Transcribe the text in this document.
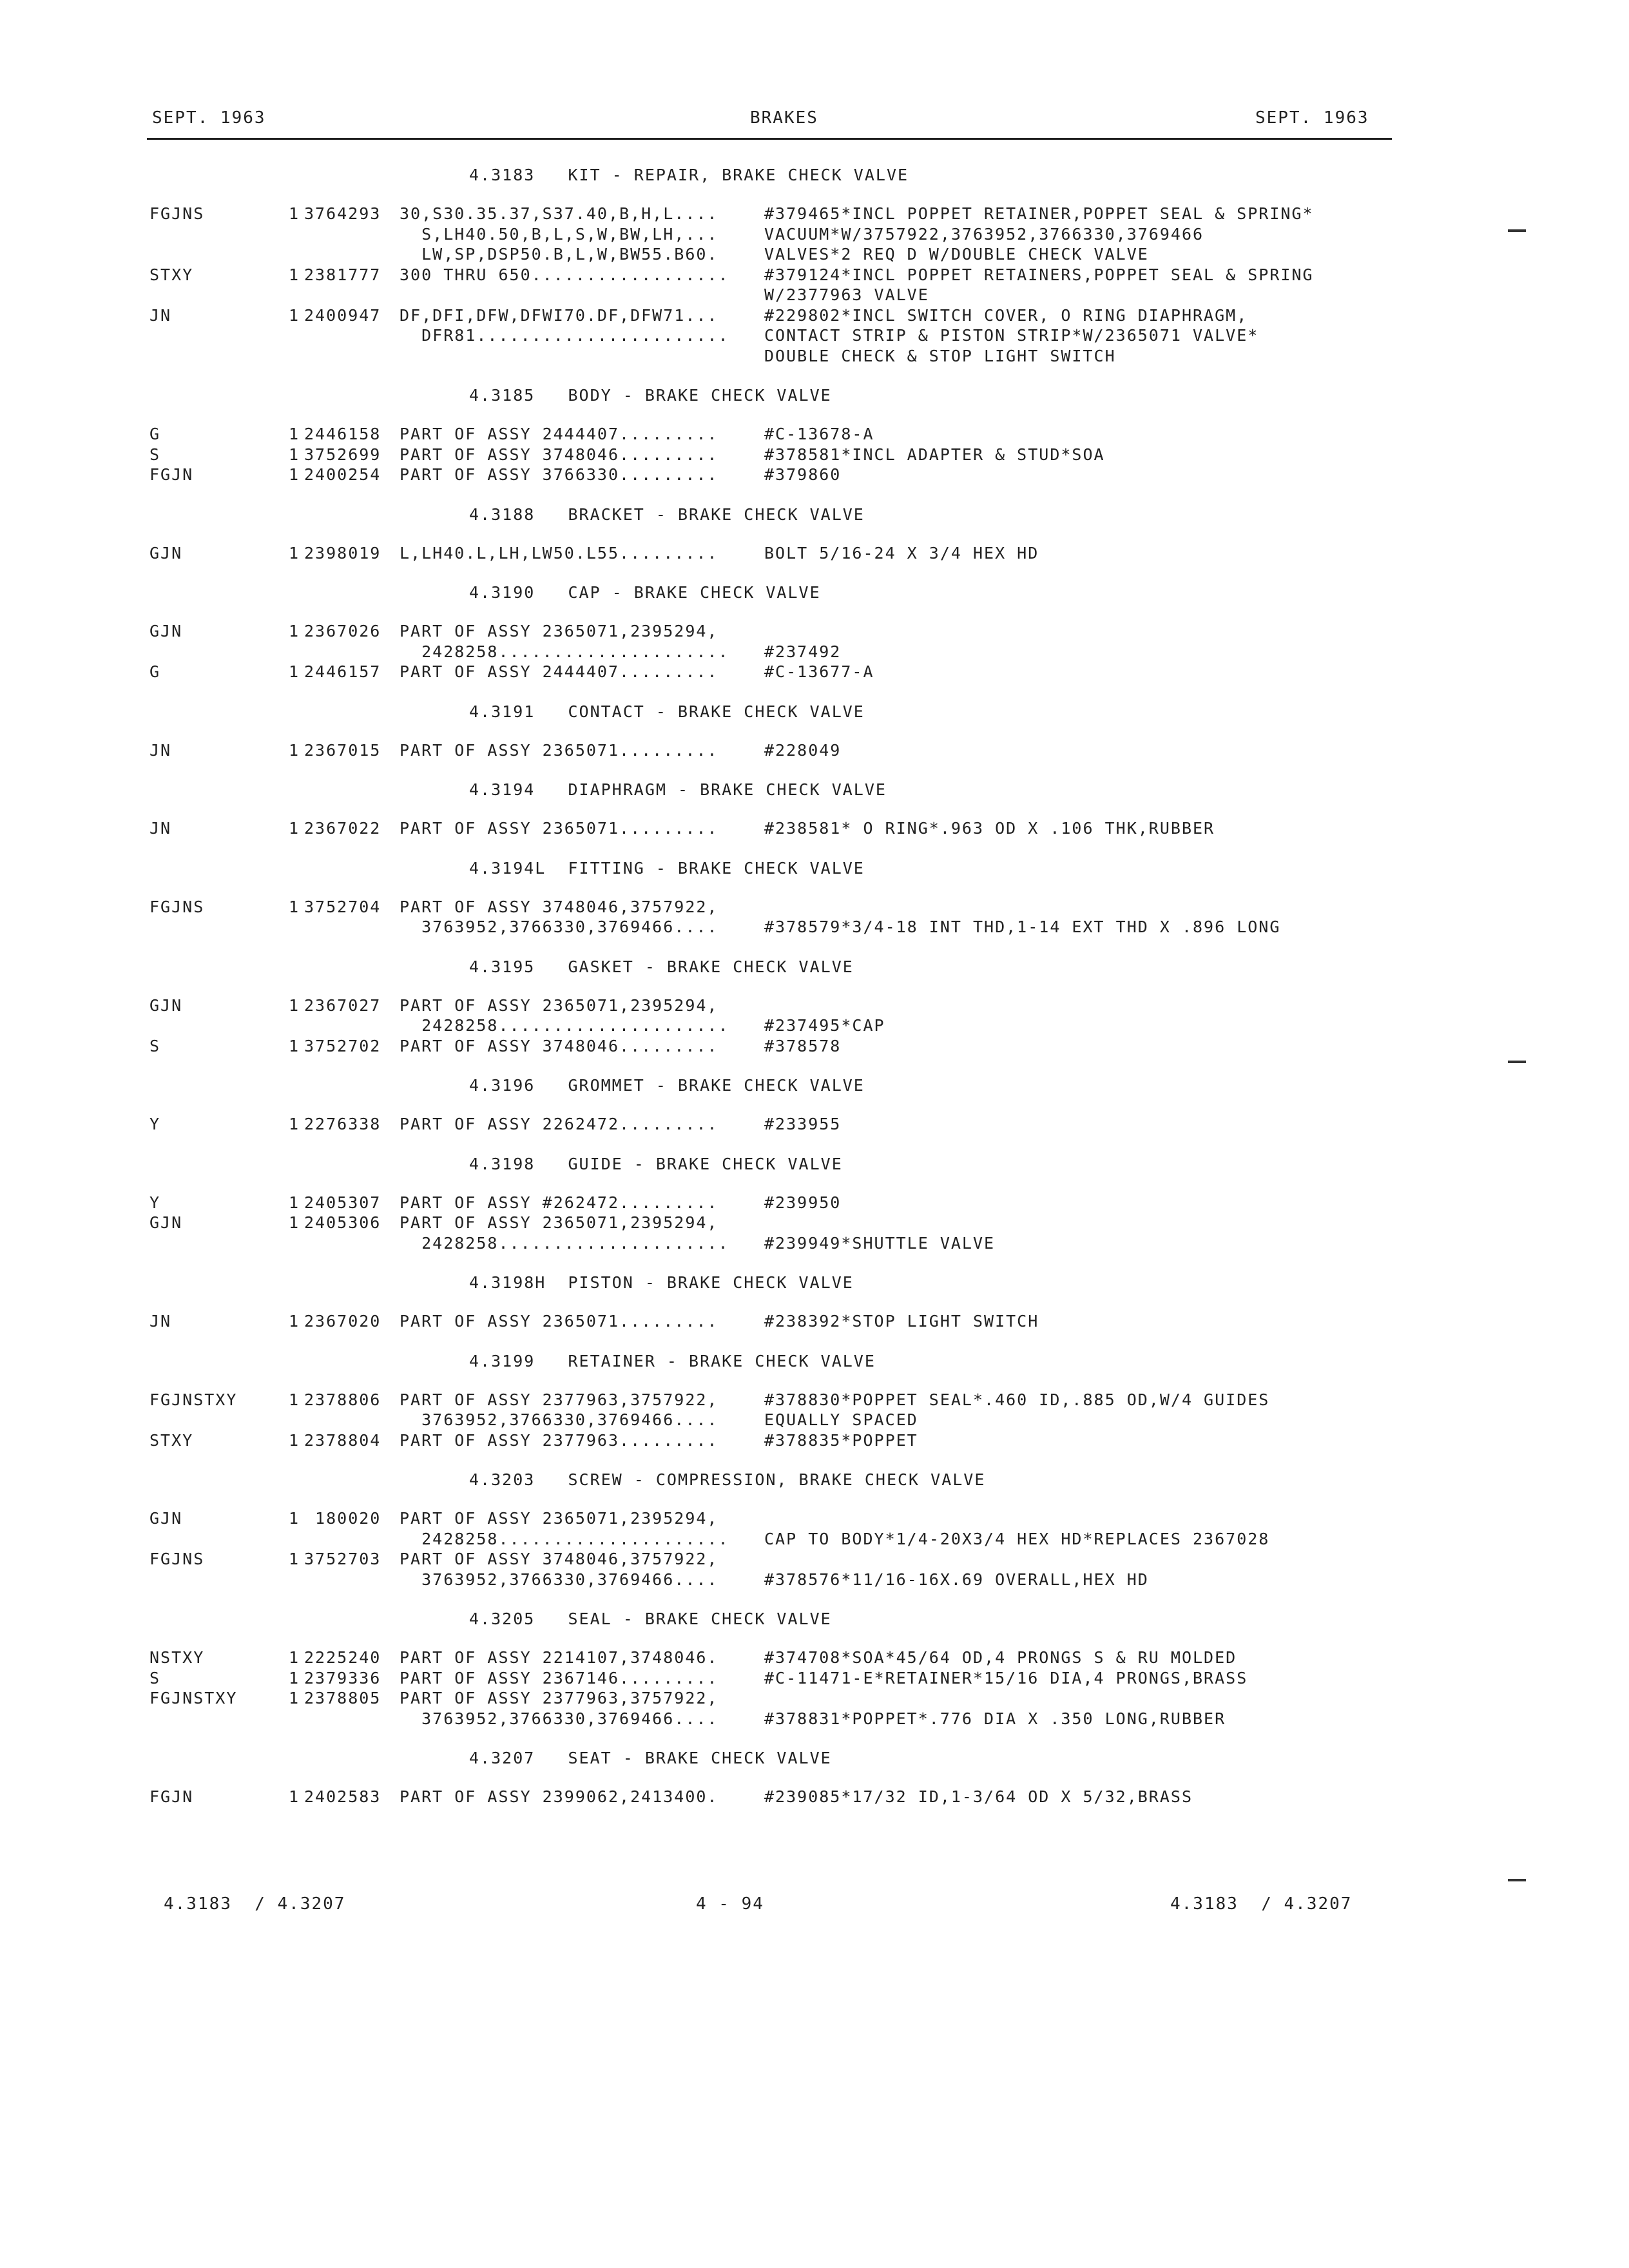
SEPT. 1963	BRAKES	SEPT. 1963
4.3183   KIT - REPAIR, BRAKE CHECK VALVE
FGJNS	1 3764293	30,S30.35.37,S37.40,B,H,L....	#379465*INCL POPPET RETAINER,POPPET SEAL & SPRING*
S,LH40.50,B,L,S,W,BW,LH,...	VACUUM*W/3757922,3763952,3766330,3769466
LW,SP,DSP50.B,L,W,BW55.B60.	VALVES*2 REQ D W/DOUBLE CHECK VALVE
STXY	1 2381777	300 THRU 650..................	#379124*INCL POPPET RETAINERS,POPPET SEAL & SPRING
W/2377963 VALVE
JN	1 2400947	DF,DFI,DFW,DFWI70.DF,DFW71...	#229802*INCL SWITCH COVER, O RING DIAPHRAGM,
DFR81.......................	CONTACT STRIP & PISTON STRIP*W/2365071 VALVE*
DOUBLE CHECK & STOP LIGHT SWITCH
4.3185   BODY - BRAKE CHECK VALVE
G	1 2446158	PART OF ASSY 2444407.........	#C-13678-A
S	1 3752699	PART OF ASSY 3748046.........	#378581*INCL ADAPTER & STUD*SOA
FGJN	1 2400254	PART OF ASSY 3766330.........	#379860
4.3188   BRACKET - BRAKE CHECK VALVE
GJN	1 2398019	L,LH40.L,LH,LW50.L55.........	BOLT 5/16-24 X 3/4 HEX HD
4.3190   CAP - BRAKE CHECK VALVE
GJN	1 2367026	PART OF ASSY 2365071,2395294,
2428258.....................	#237492
G	1 2446157	PART OF ASSY 2444407.........	#C-13677-A
4.3191   CONTACT - BRAKE CHECK VALVE
JN	1 2367015	PART OF ASSY 2365071.........	#228049
4.3194   DIAPHRAGM - BRAKE CHECK VALVE
JN	1 2367022	PART OF ASSY 2365071.........	#238581* O RING*.963 OD X .106 THK,RUBBER
4.3194L  FITTING - BRAKE CHECK VALVE
FGJNS	1 3752704	PART OF ASSY 3748046,3757922,
3763952,3766330,3769466....	#378579*3/4-18 INT THD,1-14 EXT THD X .896 LONG
4.3195   GASKET - BRAKE CHECK VALVE
GJN	1 2367027	PART OF ASSY 2365071,2395294,
2428258.....................	#237495*CAP
S	1 3752702	PART OF ASSY 3748046.........	#378578
4.3196   GROMMET - BRAKE CHECK VALVE
Y	1 2276338	PART OF ASSY 2262472.........	#233955
4.3198   GUIDE - BRAKE CHECK VALVE
Y	1 2405307	PART OF ASSY #262472.........	#239950
GJN	1 2405306	PART OF ASSY 2365071,2395294,
2428258.....................	#239949*SHUTTLE VALVE
4.3198H  PISTON - BRAKE CHECK VALVE
JN	1 2367020	PART OF ASSY 2365071.........	#238392*STOP LIGHT SWITCH
4.3199   RETAINER - BRAKE CHECK VALVE
FGJNSTXY	1 2378806	PART OF ASSY 2377963,3757922,	#378830*POPPET SEAL*.460 ID,.885 OD,W/4 GUIDES
3763952,3766330,3769466....	EQUALLY SPACED
STXY	1 2378804	PART OF ASSY 2377963.........	#378835*POPPET
4.3203   SCREW - COMPRESSION, BRAKE CHECK VALVE
GJN	1 180020	PART OF ASSY 2365071,2395294,
2428258.....................	CAP TO BODY*1/4-20X3/4 HEX HD*REPLACES 2367028
FGJNS	1 3752703	PART OF ASSY 3748046,3757922,
3763952,3766330,3769466....	#378576*11/16-16X.69 OVERALL,HEX HD
4.3205   SEAL - BRAKE CHECK VALVE
NSTXY	1 2225240	PART OF ASSY 2214107,3748046.	#374708*SOA*45/64 OD,4 PRONGS S & RU MOLDED
S	1 2379336	PART OF ASSY 2367146.........	#C-11471-E*RETAINER*15/16 DIA,4 PRONGS,BRASS
FGJNSTXY	1 2378805	PART OF ASSY 2377963,3757922,
3763952,3766330,3769466....	#378831*POPPET*.776 DIA X .350 LONG,RUBBER
4.3207   SEAT - BRAKE CHECK VALVE
FGJN	1 2402583	PART OF ASSY 2399062,2413400.	#239085*17/32 ID,1-3/64 OD X 5/32,BRASS
4.3183  / 4.3207	4 - 94	4.3183  / 4.3207
